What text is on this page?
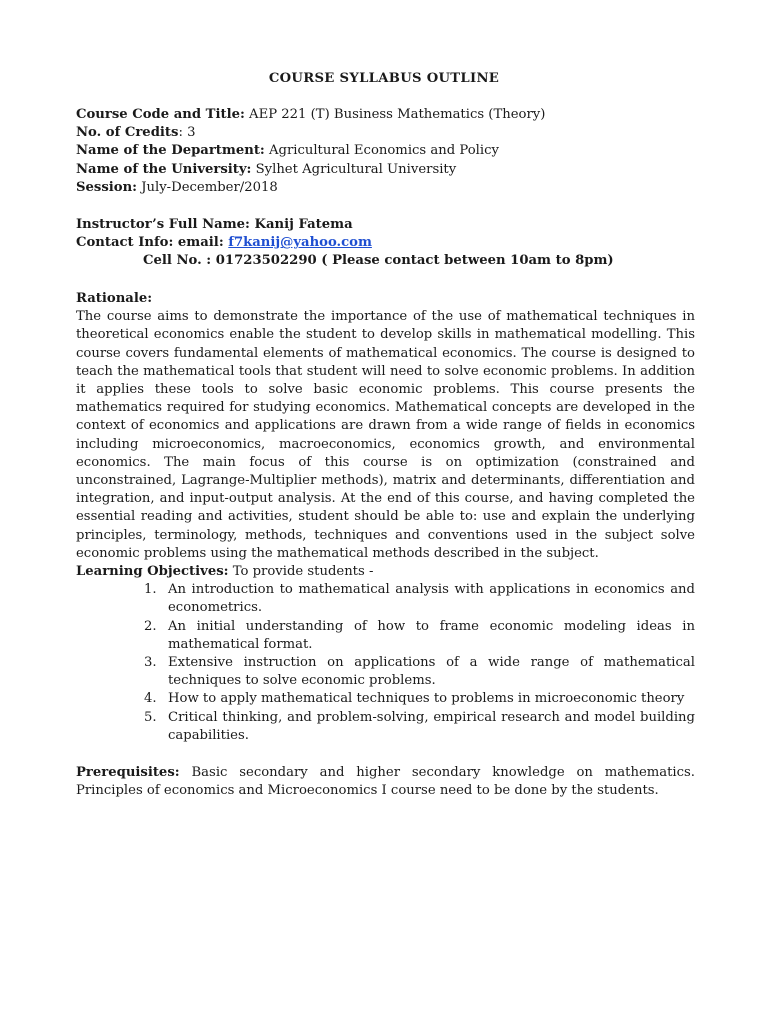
COURSE SYLLABUS OUTLINE
Course Code and Title: AEP 221 (T) Business Mathematics (Theory)
No. of Credits: 3
Name of the Department: Agricultural Economics and Policy
Name of the University: Sylhet Agricultural University
Session: July-December/2018
Instructor’s Full Name: Kanij Fatema
Contact Info: email: f7kanij@yahoo.com
Cell No. : 01723502290 ( Please contact between 10am to 8pm)
Rationale:
The course aims to demonstrate the importance of the use of mathematical techniques in theoretical economics enable the student to develop skills in mathematical modelling. This course covers fundamental elements of mathematical economics. The course is designed to teach the mathematical tools that student will need to solve economic problems. In addition it applies these tools to solve basic economic problems. This course presents the mathematics required for studying economics. Mathematical concepts are developed in the context of economics and applications are drawn from a wide range of fields in economics including microeconomics, macroeconomics, economics growth, and environmental economics. The main focus of this course is on optimization (constrained and unconstrained, Lagrange-Multiplier methods), matrix and determinants, differentiation and integration, and input-output analysis. At the end of this course, and having completed the essential reading and activities, student should be able to: use and explain the underlying principles, terminology, methods, techniques and conventions used in the subject solve economic problems using the mathematical methods described in the subject.
Learning Objectives: To provide students -
1. An introduction to mathematical analysis with applications in economics and econometrics.
2. An initial understanding of how to frame economic modeling ideas in mathematical format.
3. Extensive instruction on applications of a wide range of mathematical techniques to solve economic problems.
4. How to apply mathematical techniques to problems in microeconomic theory
5. Critical thinking, and problem-solving, empirical research and model building capabilities.
Prerequisites: Basic secondary and higher secondary knowledge on mathematics. Principles of economics and Microeconomics I course need to be done by the students.
